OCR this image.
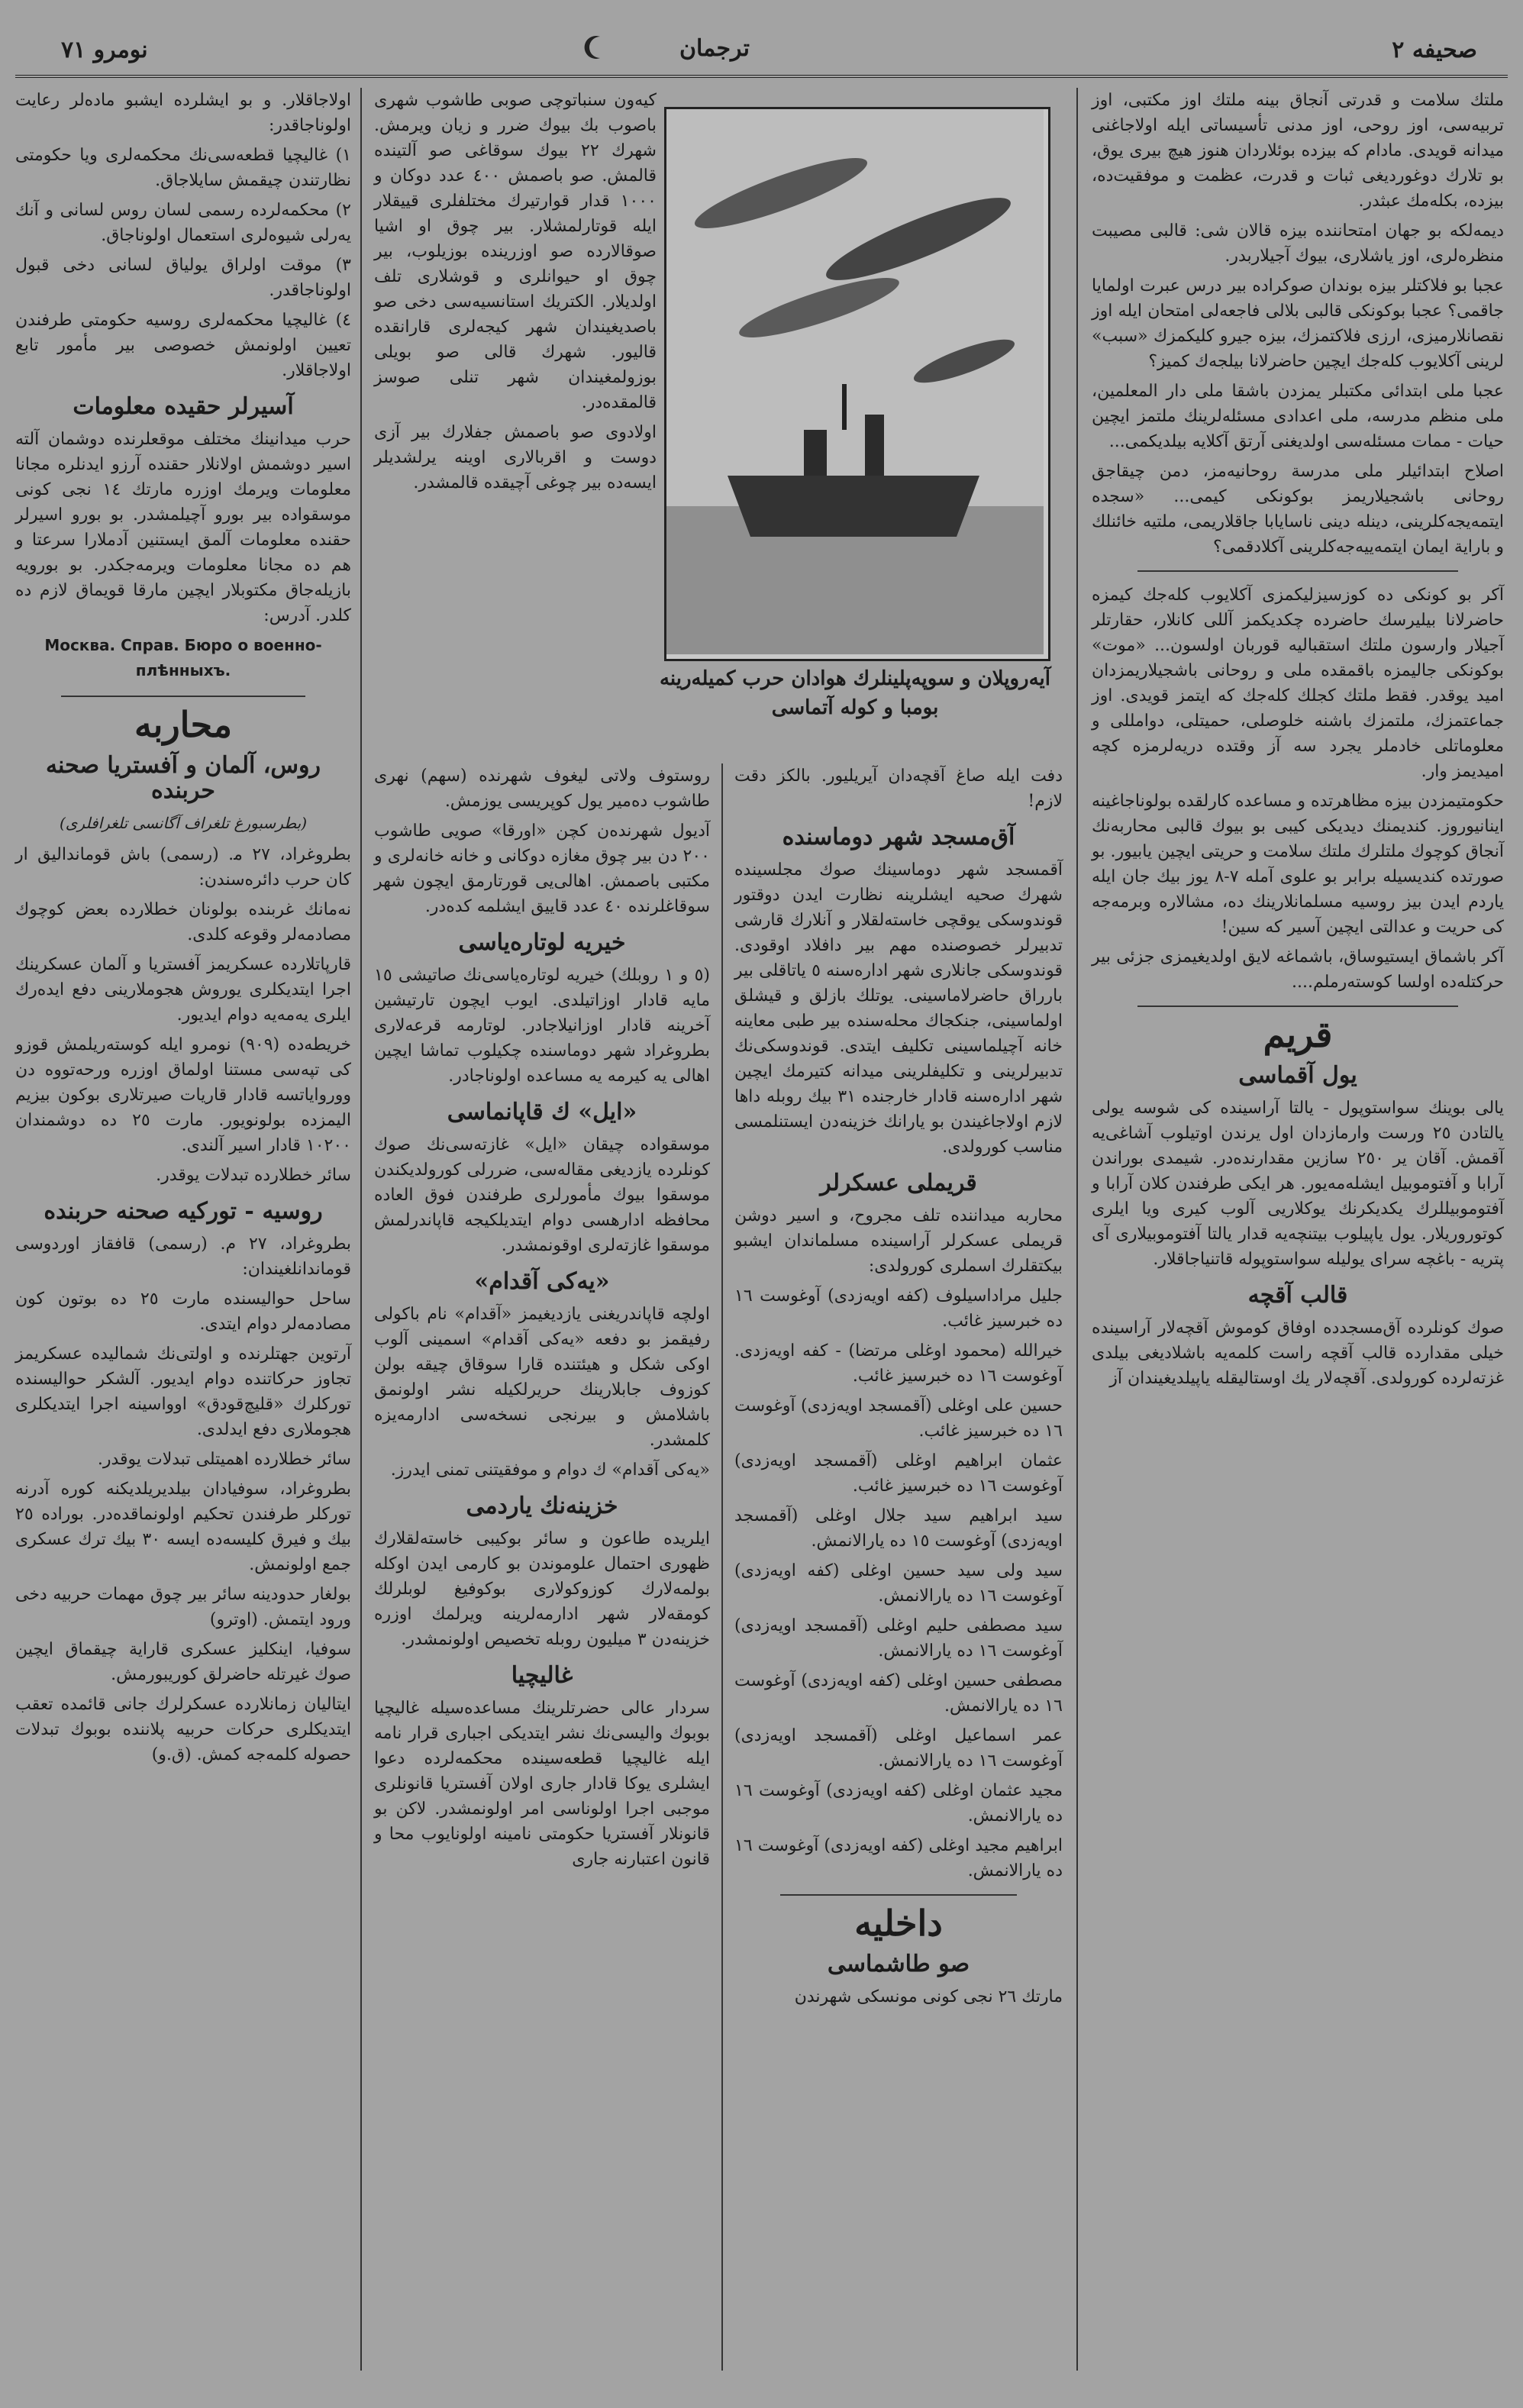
نومرو ٧١	ترجمان	صحيفه ٢

ملتك سلامت و قدرتى آنجاق بينه ملتك اوز مكتبى، اوز تربيه‌سى، اوز روحى، اوز مدنى تأسيساتى ايله اولاجاغنى ميدانه قويدى. مادام كه بيزده بوئلاردان هنوز هيچ بيرى يوق، بو تلارك دوغورديغى ثبات و قدرت، عظمت و موفقيت‌ده، بيزده، بكله‌مك عبثدر.

ديمه‌لكه بو جهان امتحاننده بيزه قالان شى: قالبى مصيبت منظره‌لرى، اوز ياشلارى، بيوك آجيلاربدر.

عجبا بو فلاكتلر بيزه بوندان صوكراده بير درس عبرت اولمايا جاقمى؟ عجبا بوكونكى قالبى بلالى فاجعه‌لى امتحان ايله اوز نقصانلارميزى، ارزى فلاكتمزك، بيزه جيرو كليكمزك «سبب» لرينى آكلايوب كله‌جك ايچين حاضرلانا بيلجه‌ك كميز؟

عجبا ملى ابتدائى مكتبلر يمزدن باشقا ملى دار المعلمين، ملى منظم مدرسه، ملى اعدادى مسئله‌لرينك ملتمز ايچين حيات - ممات مسئله‌سى اولديغنى آرتق آكلايه بيلديكمى...

اصلاح ابتدائيلر ملى مدرسة روحانيه‌مز، دمن چيقاجق روحانى باشجيلاريمز بوكونكى كيمى... «سجده ايتمه‌يجه‌كلرينى، دينله دينى ناسايابا جاقلاريمى، ملتيه خائنلك و باراية ايمان ايتمه‌ييه‌جه‌كلرينى آكلادقمى؟

آكر بو كونكى ده كوزسيزليكمزى آكلايوب كله‌جك كيمزه حاضرلانا بيليرسك حاضرده چكديكمز آللى كانلار، حقارتلر آجيلار وارسون ملتك استقباليه قوربان اولسون... «موت» بوكونكى جاليمزه باقمقده ملى و روحانى باشجيلاريمزدان اميد يوقدر. فقط ملتك كجلك كله‌جك كه ايتمز قويدى. اوز جماعتمزك، ملتمزك باشنه خلوصلى، حميتلى، دوامللى و معلوماتلى خادملر يجرد سه آز وقتده دريه‌لرمزه كچه اميديمز وار.

حكومتيمزدن بيزه مظاهرتده و مساعده كارلقده بولوناجاغينه اينانيوروز. كنديمنك ديديكى كيبى بو بيوك قالبى محاربه‌نك آنجاق كوچوك ملتلرك ملتك سلامت و حريتى ايچين يابيور. بو صورتده كنديسيله برابر بو علوى آمله ٧-٨ يوز بيك جان ايله ياردم ايدن بيز روسيه مسلمانلارينك ده، مشالاره وبرمه‌جه كى حريت و عدالتى ايچين آسير كه سين!

آكر باشماق ايستيوساق، باشماغه لايق اولديغيمزى جزئى بير حركتله‌ده اولسا كوسته‌رملم....

قريم
يول آقماسى

يالى بوينك سواستوپول - يالتا آراسينده كى شوسه يولى يالتادن ٢٥ ورست وارمازدان اول يرندن اوتيلوب آشاغى‌يه آقمش. آقان ير ٢٥٠ سازين مقدارنده‌در. شيمدى بوراندن آرابا و آفتوموبيل ايشله‌مه‌يور. هر ايكى طرفندن كلان آرابا و آفتوموبيللرك يكديكرنك يوكلاريى آلوب كيرى ويا ايلرى كوتوروريلار. يول ياپيلوب بيتنچه‌يه قدار يالتا آفتوموبيلارى آى پتريه - باغچه سراى يوليله سواستوپوله قاتنياجاقلار.

قالب آقچه

صوك كونلرده آق‌مسجدده اوفاق كوموش آقچه‌لار آراسينده خيلى مقدارده قالب آقچه راست كلمه‌يه باشلاديغى بيلدى غزته‌لرده كورولدى. آقچه‌لار يك اوستاليقله ياپيلديغيندان آز

آيه‌روپلان و سوپه‌پلينلرك هوادان حرب كميله‌رينه بومبا و كوله آتماسى

كيه‌ون سنباتوچى صوبى طاشوب شهرى باصوب بك بيوك ضرر و زيان ويرمش. شهرك ٢٢ بيوك سوقاغى صو آلتينده قالمش. صو باصمش ٤٠٠ عدد دوكان و ١٠٠٠ قدار قوارتيرك مختلفلرى قييقلار ايله قوتارلمشلار. بير چوق او اشيا صوقالارده صو اوزرينده بوزيلوب، بير چوق او حيوانلرى و قوشلارى تلف اولديلار. الكتريك استانسيه‌سى دخى صو باصديغيندان شهر كيجه‌لرى قارانقده قاليور. شهرك قالى صو بويلى بوزولمغيندان شهر تنلى صوسز قالمقده‌در.

اولادوى صو باصمش جفلارك بير آزى دوست و اقربالارى اوينه يرلشديلر ايسه‌ده بير چوغى آچيقده قالمشدر.

دفت ايله صاغ آقچه‌دان آيريليور. بالكز دقت لازم!

آق‌مسجد شهر دوماسنده

آقمسجد شهر دوماسينك صوك مجلسينده شهرك صحيه ايشلرينه نظارت ايدن دوقتور قوندوسكى يوقچى خاسته‌لقلار و آنلارك قارشى تدبيرلر خصوصنده مهم بير دافلاد اوقودى. قوندوسكى جانلارى شهر اداره‌سنه ٥ ياتاقلى بير بارراق حاضرلاماسينى. يوتلك بازلق و قيشلق اولماسينى، جنكجاك محله‌سنده بير طبى معاينه خانه آچيلماسينى تكليف ايتدى. قوندوسكى‌نك تدبيرلرينى و تكليفلرينى ميدانه كتيرمك ايچين شهر اداره‌سنه قادار خارجنده ٣١ بيك روبله داها لازم اولاجاغيندن بو يارانك خزينه‌دن ايستنلمسى مناسب كورولدى.

قريملى عسكرلر

محاربه ميداننده تلف مجروح، و اسير دوشن قريملى عسكرلر آراسينده مسلماندان ايشبو بيكتقلرك اسملرى كورولدى:

جليل مراداسيلوف (كفه اويه‌زدى) آوغوست ١٦ ده خبرسيز غائب.

خيرالله (محمود اوغلى مرتضا) - كفه اويه‌زدى. آوغوست ١٦ ده خبرسيز غائب.

حسين على اوغلى (آقمسجد اويه‌زدى) آوغوست ١٦ ده خبرسيز غائب.

عثمان ابراهيم اوغلى (آقمسجد اويه‌زدى) آوغوست ١٦ ده خبرسيز غائب.

سيد ابراهيم سيد جلال اوغلى (آقمسجد اويه‌زدى) آوغوست ١٥ ده يارالانمش.

سيد ولى سيد حسين اوغلى (كفه اويه‌زدى) آوغوست ١٦ ده يارالانمش.

سيد مصطفى حليم اوغلى (آقمسجد اويه‌زدى) آوغوست ١٦ ده يارالانمش.

مصطفى حسين اوغلى (كفه اويه‌زدى) آوغوست ١٦ ده يارالانمش.

عمر اسماعيل اوغلى (آقمسجد اويه‌زدى) آوغوست ١٦ ده يارالانمش.

مجيد عثمان اوغلى (كفه اويه‌زدى) آوغوست ١٦ ده يارالانمش.

ابراهيم مجيد اوغلى (كفه اويه‌زدى) آوغوست ١٦ ده يارالانمش.

داخليه
صو طاشماسى

مارتك ٢٦ نجى كونى مونسكى شهرندن

روستوف ولاتى ليغوف شهرنده (سهم) نهرى طاشوب ده‌مير يول كوپريسى يوزمش.

آديول شهرنده‌ن كچن «اورقا» صويى طاشوب ٢٠٠ دن بير چوق مغازه دوكانى و خانه خانه‌لرى و مكتبى باصمش. اهالى‌يى قورتارمق ايچون شهر سوقاغلرنده ٤٠ عدد قاييق ايشلمه كده‌در.

خيريه لوتاره‌ياسى

(٥ و ١ روبلك) خيريه لوتاره‌ياسى‌نك صاتيشى ١٥ مايه قادار اوزاتيلدى. ايوب ايچون تارتيشين آخرينه قادار اوزانيلاجادر. لوتارمه قرعه‌لارى بطروغراد شهر دوماسنده چكيلوب تماشا ايچين اهالى يه كيرمه يه مساعده اولوناجادر.

«ايل» ك قاپانماسى

موسقواده چيقان «ايل» غازته‌سى‌نك صوك كونلرده يازديغى مقاله‌سى، ضررلى كورولديكندن موسقوا بيوك مأمورلرى طرفندن فوق العاده محافظه ادارهسى دوام ايتديلكيجه قاپاندرلمش موسقوا غازته‌لرى اوقونمشدر.

«يه‌كى آقدام»

اولچه قاپاندريغنى يازديغيمز «آقدام» نام باكولى رفيقمز بو دفعه «يه‌كى آقدام» اسمينى آلوب اوكى شكل و هيئتنده قارا سوقاق چيقه بولن كوزوف جابلارينك حريرلكيله نشر اولونمق باشلامش و بيرنجى نسخه‌سى ادارمه‌يزه كلمشدر.

«يه‌كى آقدام» ك دوام و موفقيتنى تمنى ايدرز.

خزينه‌نك ياردمى

ايلريده طاعون و سائر بوكيبى خاسته‌لقلارك ظهورى احتمال علوموندن بو كارمى ايدن اوكله بولمه‌لارك كوزوكولارى بوكوفيغ لوبلرلك كومقه‌لار شهر ادارمه‌لرينه ويرلمك اوزره خزينه‌دن ٣ ميليون روبله تخصيص اولونمشدر.

غاليچيا

سردار عالى حضرتلرينك مساعده‌سيله غاليچيا بوبوك واليسى‌نك نشر ايتديكى اجبارى قرار نامه ايله غاليچيا قطعه‌سينده محكمه‌لرده دعوا ايشلرى يوكا قادار جارى اولان آفستريا قانونلرى موجبى اجرا اولوناسى امر اولونمشدر. لاكن بو قانونلار آفستريا حكومتى نامينه اولونايوب محا و قانون اعتبارنه جارى

اولاجاقلار. و بو ايشلرده ايشبو ماده‌لر رعايت اولوناجاقدر:

١) غاليچيا قطعه‌سى‌نك محكمه‌لرى ويا حكومتى نظارتندن چيقمش سايلاجاق.

٢) محكمه‌لرده رسمى لسان روس لسانى و آنك يه‌رلى شيوه‌لرى استعمال اولوناجاق.

٣) موقت اولراق يولياق لسانى دخى قبول اولوناجاقدر.

٤) غاليچيا محكمه‌لرى روسيه حكومتى طرفندن تعيين اولونمش خصوصى بير مأمور تابع اولاجاقلار.

آسيرلر حقيده معلومات

حرب ميدانينك مختلف موقعلرنده دوشمان آلته اسير دوشمش اولانلار حقنده آرزو ايدنلره مجانا معلومات ويرمك اوزره مارتك ١٤ نجى كونى موسقواده بير بورو آچيلمشدر. بو بورو اسيرلر حقنده معلومات آلمق ايستنين آدملارا سرعتا و هم ده مجانا معلومات ويرمه‌جكدر. بو بورويه بازيله‌جاق مكتوبلار ايچين مارقا قويماق لازم ده كلدر. آدرس:

Москва. Справ. Бюро о военно-плѣнныхъ.
محاربه
روس، آلمان و آفستريا صحنه حربنده
(بطرسبورغ تلغراف آگانسى تلغرافلرى)

بطروغراد، ٢٧ م‍. (رسمى) باش قومانداليق ار كان حرب دائره‌سندن:

نه‌مانك غربنده بولونان خطلارده بعض كوچوك مصادمه‌لر وقوعه كلدى.

قارپاتلارده عسكريمز آفستريا و آلمان عسكرينك اجرا ايتديكلرى يوروش هجوملارينى دفع ايده‌رك ايلرى يه‌مه‌يه دوام ايديور.

خريطه‌ده (٩٠٩) نومرو ايله كوسته‌ريلمش قوزو كى تپه‌سى مستنا اولماق اوزره ورحه‌تووه دن وورواياتسه قادار قاريات صيرتلارى بوكون بيزيم اليمزده بولونويور. مارت ٢٥ ده دوشمندان ١٠٢٠٠ قادار اسير آلندى.

سائر خطلارده تبدلات يوقدر.

روسيه - توركيه صحنه حربنده

بطروغراد، ٢٧ م. (رسمى) قافقاز اوردوسى قوماندانلغيندان:

ساحل حواليسنده مارت ٢٥ ده بوتون كون مصادمه‌لر دوام ايتدى.

آرتوين جهتلرنده و اولتى‌نك شماليده عسكريمز تجاوز حركاتنده دوام ايديور. آلشكر حواليسنده توركلرك «قليچ‌قودق» اوواسينه اجرا ايتديكلرى هجوملارى دفع ايدلدى.

سائر خطلارده اهميتلى تبدلات يوقدر.

بطروغراد، سوفيادان بيلديريلديكنه كوره آدرنه توركلر طرفندن تحكيم اولونماقده‌در. بوراده ٢٥ بيك و فيرق كليسه‌ده ايسه ٣٠ بيك ترك عسكرى جمع اولونمش.

بولغار حدودينه سائر بير چوق مهمات حربيه دخى ورود ايتمش. (اوترو)

سوفيا، اينكليز عسكرى قاراية چيقماق ايچين صوك غيرتله حاضرلق كوريبورمش.

ايتاليان زمانلارده عسكرلرك جانى قائمده تعقب ايتديكلرى حركات حربيه پلاننده بوبوك تبدلات حصوله كلمه‌جه كمش. (ق.و)
